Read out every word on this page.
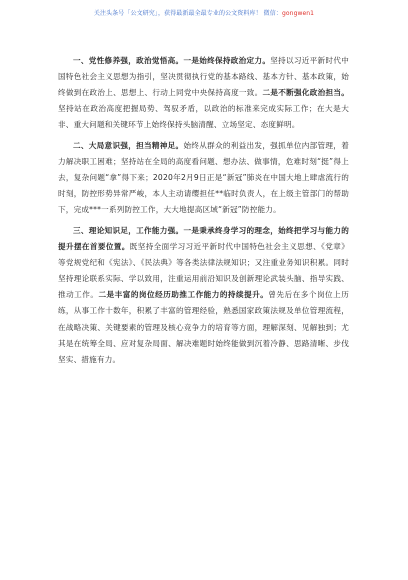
关注头条号「公文研究」，获得最新最全最专业的公文资料库！ 微信：gongwen1

一、党性修养强，政治觉悟高。一是始终保持政治定力。坚持以习近平新时代中国特色社会主义思想为指引，坚决贯彻执行党的基本路线、基本方针、基本政策，始终做到在政治上、思想上、行动上同党中央保持高度一致。二是不断强化政治担当。坚持站在政治高度把握局势、驾驭矛盾，以政治的标准来完成实际工作；在大是大非、重大问题和关键环节上始终保持头脑清醒、立场坚定、态度鲜明。

二、大局意识强，担当精神足。始终从群众的利益出发，强抓单位内部管理，着力解决职工困难；坚持站在全局的高度看问题、想办法、做事情，危难时刻“挺”得上去，复杂问题“拿”得下来；2020年2月9日正是“新冠”肺炎在中国大地上肆虐流行的时刻，防控形势异常严峻，本人主动请缨担任**临时负责人，在上级主管部门的帮助下，完成***一系列防控工作，大大地提高区域“新冠”防控能力。

三、理论知识足，工作能力强。一是秉承终身学习的理念，始终把学习与能力的提升摆在首要位置。既坚持全面学习习近平新时代中国特色社会主义思想、《党章》等党规党纪和《宪法》、《民法典》等各类法律法规知识；又注重业务知识积累。同时坚持理论联系实际、学以致用，注重运用前沿知识及创新理论武装头脑、指导实践、推动工作。二是丰富的岗位经历助推工作能力的持续提升。曾先后在多个岗位上历练，从事工作十数年，积累了丰富的管理经验，熟悉国家政策法规及单位管理流程，在战略决策、关键要素的管理及核心竞争力的培育等方面，理解深刻、见解独到；尤其是在统筹全局、应对复杂局面、解决难题时始终能做到沉着冷静、思路清晰、步伐坚实、措施有力。
